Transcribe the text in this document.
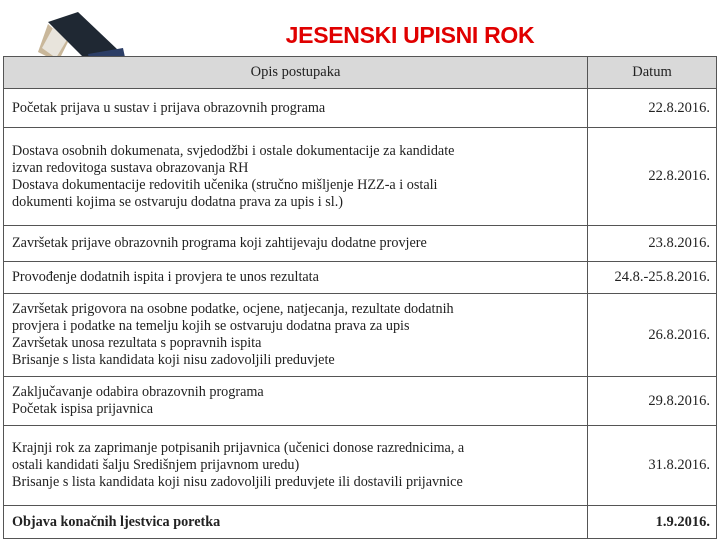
JESENSKI UPISNI ROK
Opis postupaka	Datum

Početak prijava u sustav i prijava obrazovnih programa	22.8.2016.

Dostava osobnih dokumenata, svjedodžbi i ostale dokumentacije za kandidate
izvan redovitoga sustava obrazovanja RH
Dostava dokumentacije redovitih učenika (stručno mišljenje HZZ-a i ostali
dokumenti kojima se ostvaruju dodatna prava za upis i sl.)	22.8.2016.

Završetak prijave obrazovnih programa koji zahtijevaju dodatne provjere	23.8.2016.

Provođenje dodatnih ispita i provjera te unos rezultata	24.8.-25.8.2016.

Završetak prigovora na osobne podatke, ocjene, natjecanja, rezultate dodatnih
provjera i podatke na temelju kojih se ostvaruju dodatna prava za upis
Završetak unosa rezultata s popravnih ispita
Brisanje s lista kandidata koji nisu zadovoljili preduvjete	26.8.2016.

Zaključavanje odabira obrazovnih programa
Početak ispisa prijavnica	29.8.2016.

Krajnji rok za zaprimanje potpisanih prijavnica (učenici donose razrednicima, a
ostali kandidati šalju Središnjem prijavnom uredu)
Brisanje s lista kandidata koji nisu zadovoljili preduvjete ili dostavili prijavnice	31.8.2016.

Objava konačnih ljestvica poretka	1.9.2016.
